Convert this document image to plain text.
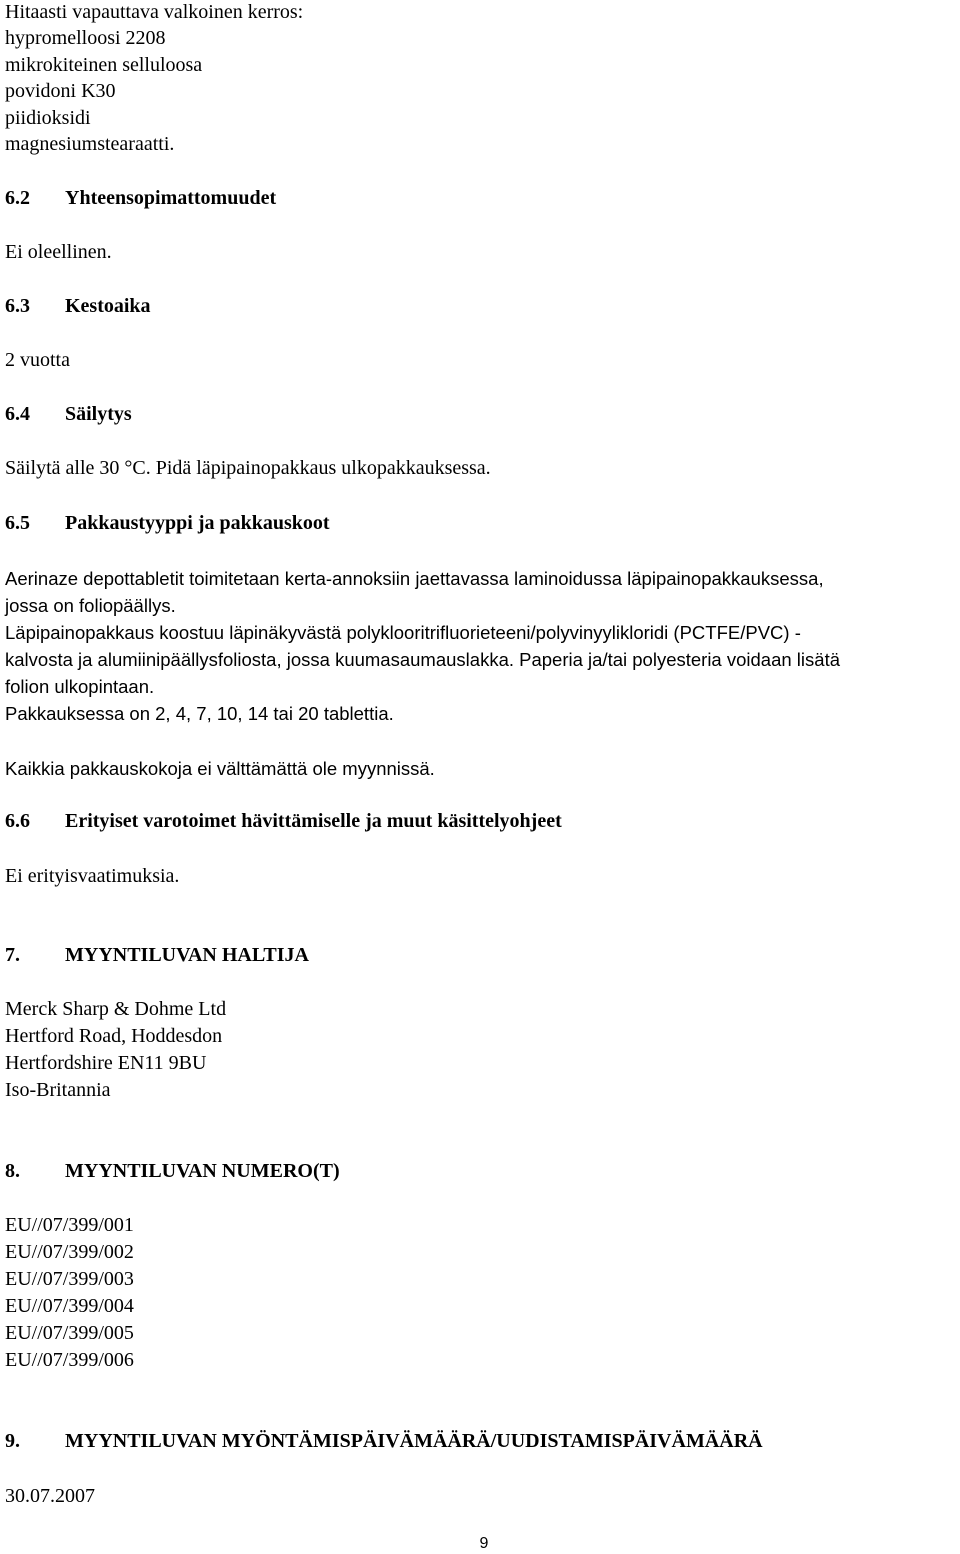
Hitaasti vapauttava valkoinen kerros:
hypromelloosi 2208
mikrokiteinen selluloosa
povidoni K30
piidioksidi
magnesiumstearaatti.
6.2 Yhteensopimattomuudet
Ei oleellinen.
6.3 Kestoaika
2 vuotta
6.4 Säilytys
Säilytä alle 30 °C. Pidä läpipainopakkaus ulkopakkauksessa.
6.5 Pakkaustyyppi ja pakkauskoot
Aerinaze depottabletit toimitetaan kerta-annoksiin jaettavassa laminoidussa läpipainopakkauksessa,
jossa on foliopäällys.
Läpipainopakkaus koostuu läpinäkyvästä polyklooritrifluorieteeni/polyvinyylikloridi (PCTFE/PVC) -
kalvosta ja alumiinipäällysfoliosta, jossa kuumasaumauslakka. Paperia ja/tai polyesteria voidaan lisätä
folion ulkopintaan.
Pakkauksessa on 2, 4, 7, 10, 14 tai 20 tablettia.
Kaikkia pakkauskokoja ei välttämättä ole myynnissä.
6.6 Erityiset varotoimet hävittämiselle ja muut käsittelyohjeet
Ei erityisvaatimuksia.
7. MYYNTILUVAN HALTIJA
Merck Sharp & Dohme Ltd
Hertford Road, Hoddesdon
Hertfordshire EN11 9BU
Iso-Britannia
8. MYYNTILUVAN NUMERO(T)
EU//07/399/001
EU//07/399/002
EU//07/399/003
EU//07/399/004
EU//07/399/005
EU//07/399/006
9. MYYNTILUVAN MYÖNTÄMISPÄIVÄMÄÄRÄ/UUDISTAMISPÄIVÄMÄÄRÄ
30.07.2007
9
